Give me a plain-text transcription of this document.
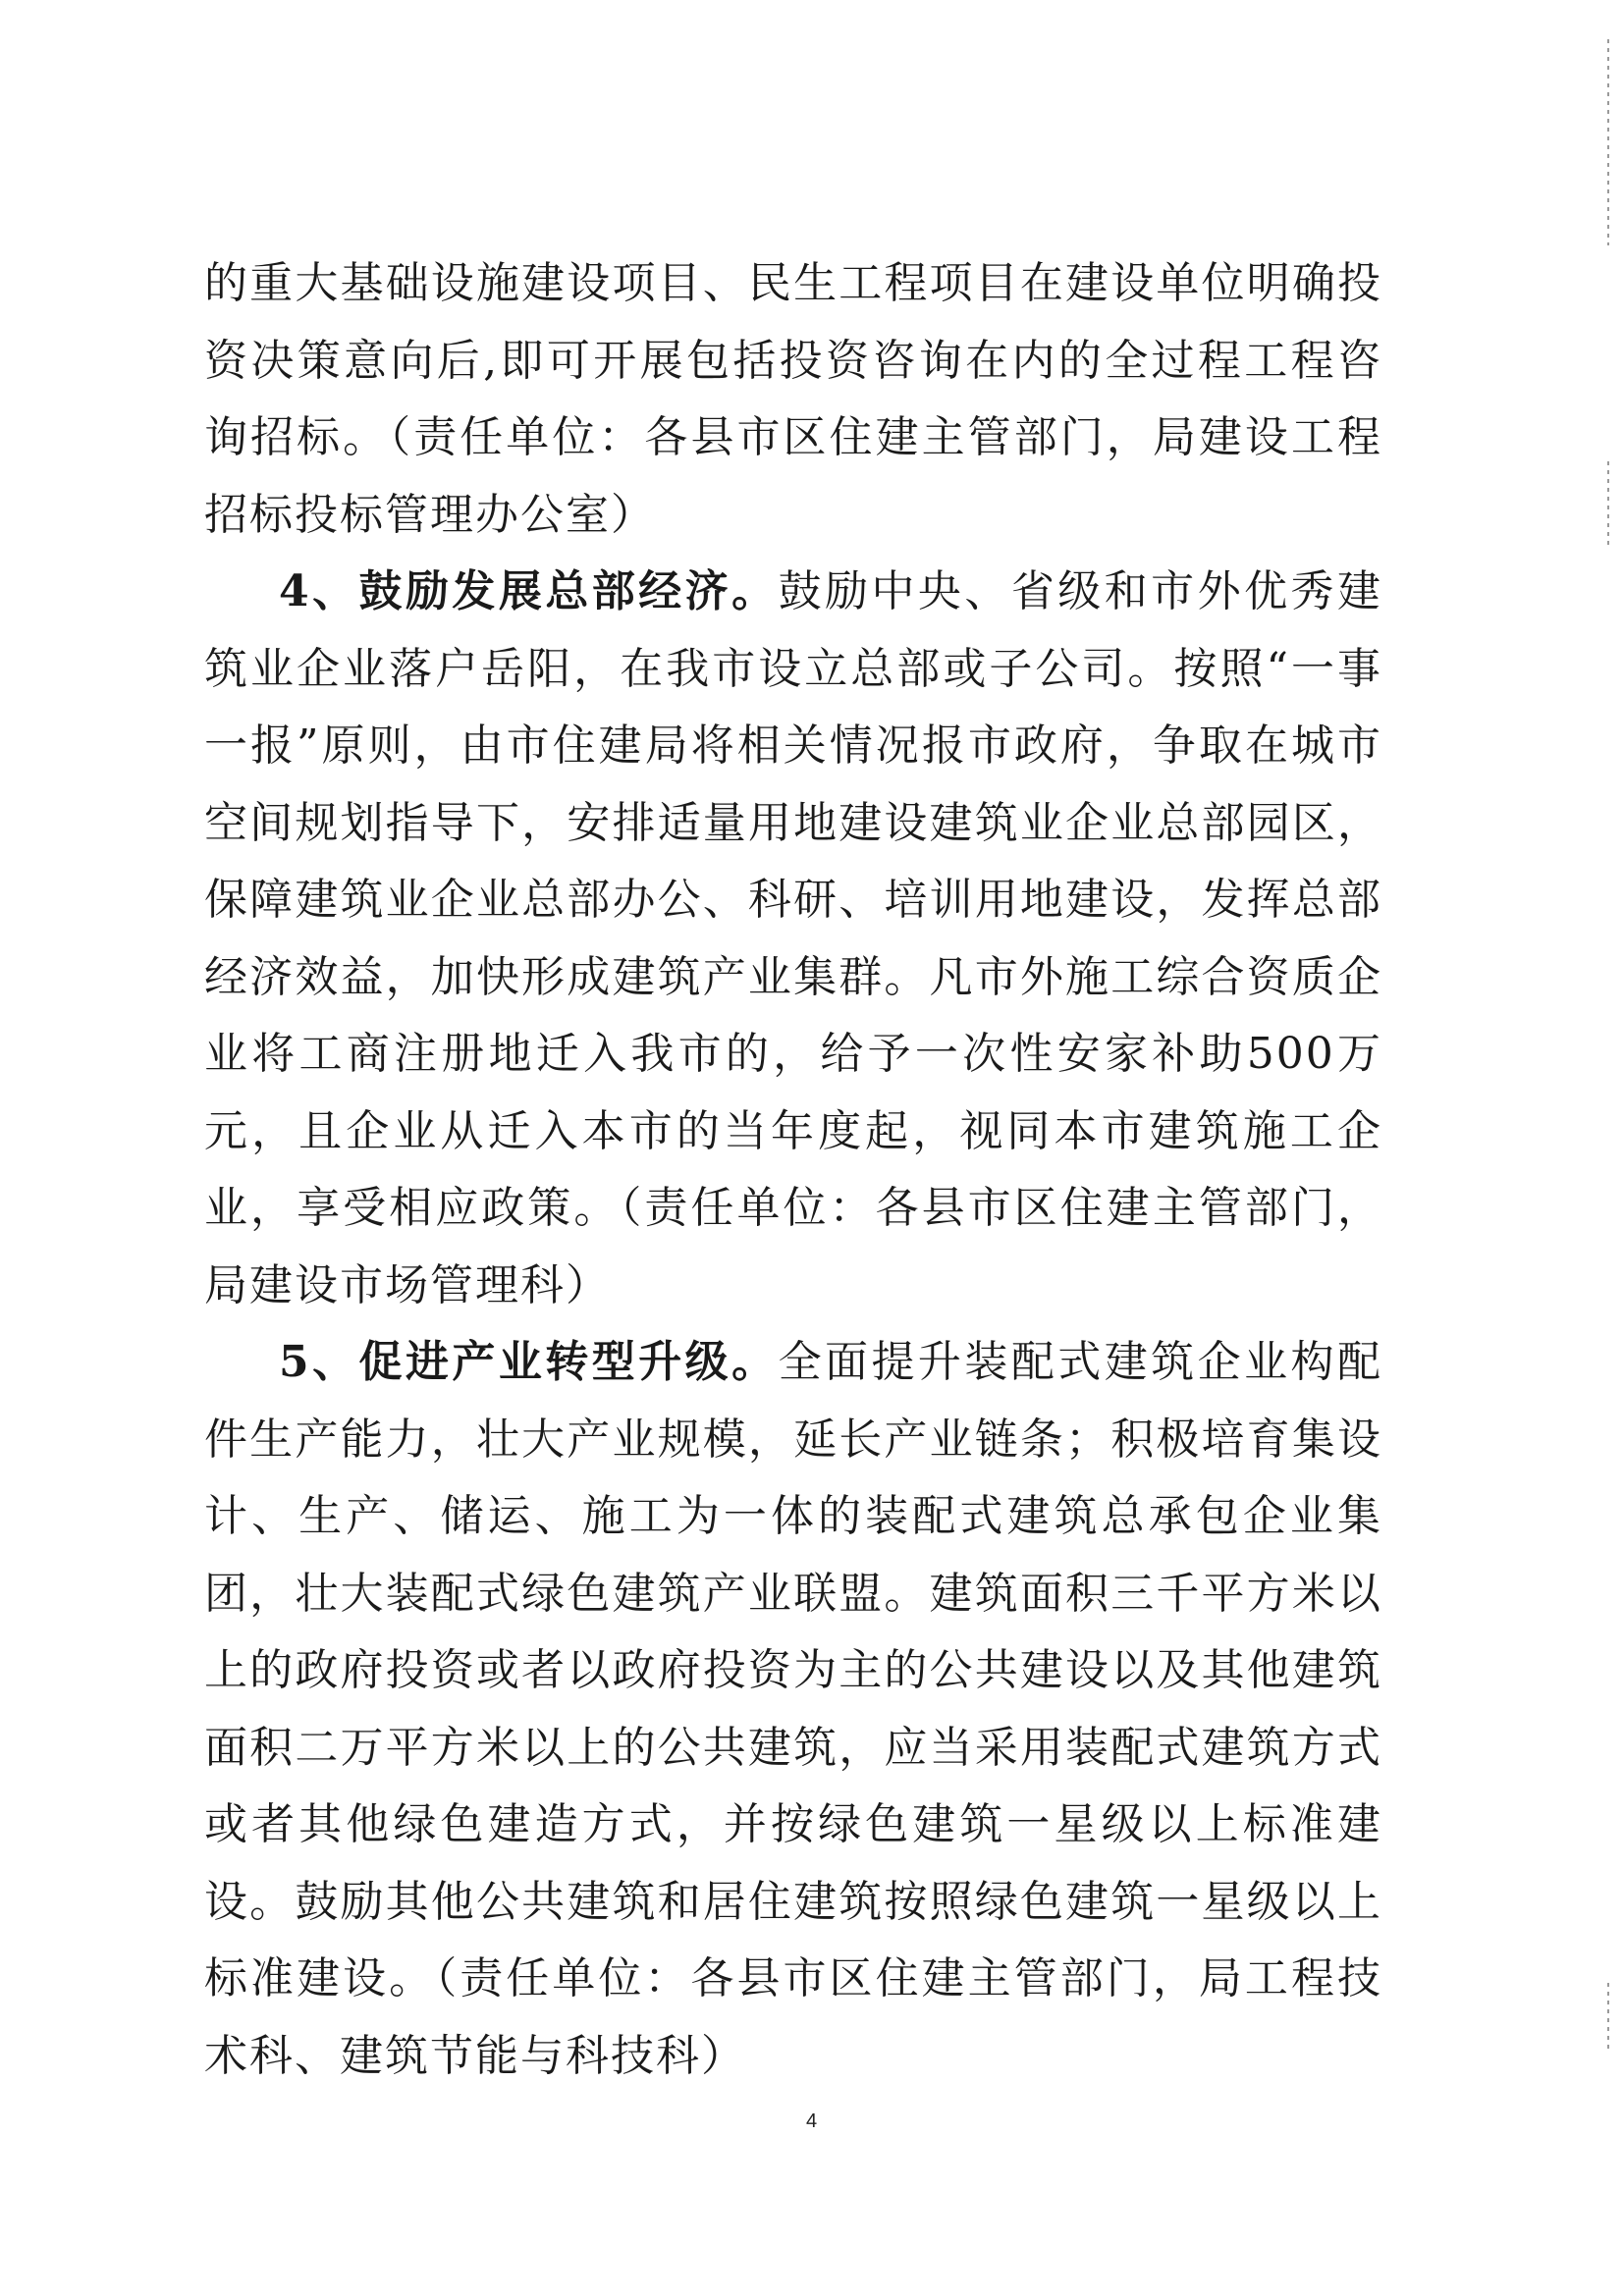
的重大基础设施建设项目、民生工程项目在建设单位明确投资决策意向后,即可开展包括投资咨询在内的全过程工程咨询招标。（责任单位：各县市区住建主管部门，局建设工程招标投标管理办公室）

4、鼓励发展总部经济。鼓励中央、省级和市外优秀建筑业企业落户岳阳，在我市设立总部或子公司。按照“一事一报”原则，由市住建局将相关情况报市政府，争取在城市空间规划指导下，安排适量用地建设建筑业企业总部园区，保障建筑业企业总部办公、科研、培训用地建设，发挥总部经济效益，加快形成建筑产业集群。凡市外施工综合资质企业将工商注册地迁入我市的，给予一次性安家补助500万元，且企业从迁入本市的当年度起，视同本市建筑施工企业，享受相应政策。（责任单位：各县市区住建主管部门，局建设市场管理科）

5、促进产业转型升级。全面提升装配式建筑企业构配件生产能力，壮大产业规模，延长产业链条；积极培育集设计、生产、储运、施工为一体的装配式建筑总承包企业集团，壮大装配式绿色建筑产业联盟。建筑面积三千平方米以上的政府投资或者以政府投资为主的公共建设以及其他建筑面积二万平方米以上的公共建筑，应当采用装配式建筑方式或者其他绿色建造方式，并按绿色建筑一星级以上标准建设。鼓励其他公共建筑和居住建筑按照绿色建筑一星级以上标准建设。（责任单位：各县市区住建主管部门，局工程技术科、建筑节能与科技科）

4
